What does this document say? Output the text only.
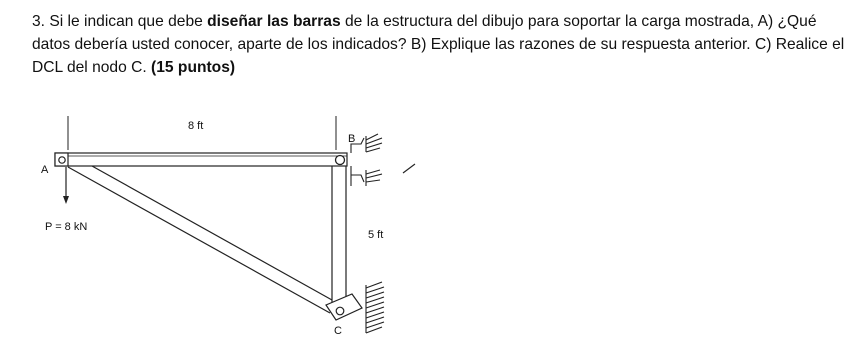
3. Si le indican que debe diseñar las barras de la estructura del dibujo para soportar la carga mostrada, A) ¿Qué datos debería usted conocer, aparte de los indicados? B) Explique las razones de su respuesta anterior. C) Realice el DCL del nodo C. (15 puntos)
8 ft
5 ft
A
B
C
P = 8 kN
